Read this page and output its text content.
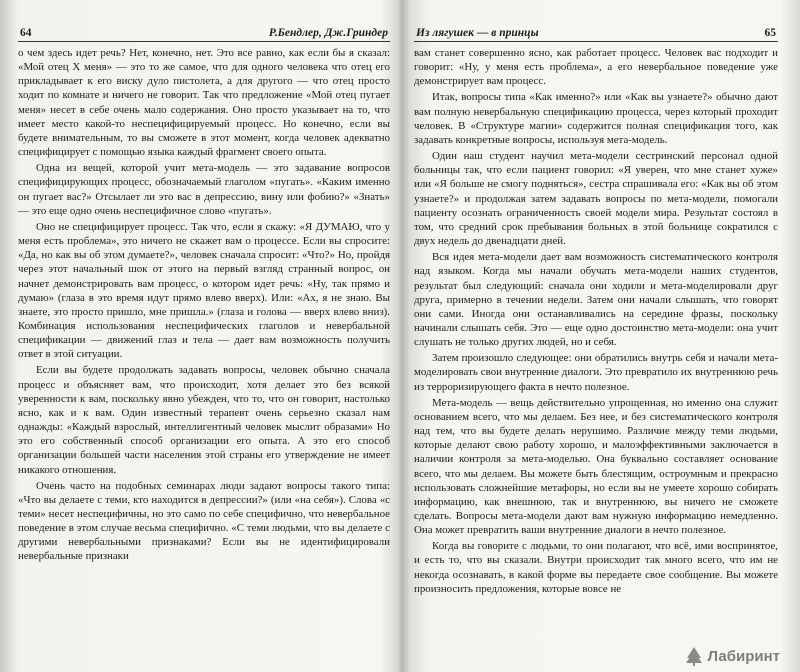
64	Р.Бендлер, Дж.Гриндер

о чем здесь идет речь? Нет, конечно, нет. Это все равно, как если бы я сказал: «Мой отец X меня» — это то же самое, что для одного человека что отец его прикладывает к его виску дуло пистолета, а для другого — что отец просто ходит по комнате и ничего не говорит. Так что предложение «Мой отец пугает меня» несет в себе очень мало содержания. Оно просто указывает на то, что имеет место какой-то неспецифицируемый процесс. Но конечно, если вы будете внимательным, то вы сможете в этот момент, когда человек адекватно специфицирует с помощью языка каждый фрагмент своего опыта.

Одна из вещей, которой учит мета-модель — это задавание вопросов специфицирующих процесс, обозначаемый глаголом «пугать». «Каким именно он пугает вас?» Отсылает ли это вас в депрессию, вину или фобию?» «Знать» — это еще одно очень неспецифичное слово «пугать».

Оно не специфицирует процесс. Так что, если я скажу: «Я ДУМАЮ, что у меня есть проблема», это ничего не скажет вам о процессе. Если вы спросите: «Да, но как вы об этом думаете?», человек сначала спросит: «Что?» Но, пройдя через этот начальный шок от этого на первый взгляд странный вопрос, он начнет демонстрировать вам процесс, о котором идет речь: «Ну, так прямо и думаю» (глаза в это время идут прямо влево вверх). Или: «Ах, я не знаю. Вы знаете, это просто пришло, мне пришла.» (глаза и голова — вверх влево вниз). Комбинация использования неспецифических глаголов и невербальной спецификации — движений глаз и тела — дает вам возможность получить ответ в этой ситуации.

Если вы будете продолжать задавать вопросы, человек обычно сначала процесс и объясняет вам, что происходит, хотя делает это без всякой уверенности к вам, поскольку явно убежден, что то, что он говорит, настолько ясно, как и к вам. Один известный терапевт очень серьезно сказал нам однажды: «Каждый взрослый, интеллигентный человек мыслит образами» Но это его собственный способ организации его опыта. А это его способ организации большей части населения этой страны его утверждение не имеет никакого отношения.

Очень часто на подобных семинарах люди задают вопросы такого типа: «Что вы делаете с теми, кто находится в депрессии?» (или «на себя»). Слова «с теми» несет неспецифичны, но это само по себе специфично, что невербальное поведение в этом случае весьма специфично. «С теми людьми, что вы делаете с другими невербальными признаками? Если вы не идентифицировали невербальные признаки

Из лягушек — в принцы	65

вам станет совершенно ясно, как работает процесс. Человек вас подходит и говорит: «Ну, у меня есть проблема», а его невербальное поведение уже демонстрирует вам процесс.

Итак, вопросы типа «Как именно?» или «Как вы узнаете?» обычно дают вам полную невербальную спецификацию процесса, через который проходит человек. В «Структуре магии» содержится полная спецификация того, как задавать конкретные вопросы, используя мета-модель.

Один наш студент научил мета-модели сестринский персонал одной больницы так, что если пациент говорил: «Я уверен, что мне станет хуже» или «Я больше не смогу подняться», сестра спрашивала его: «Как вы об этом узнаете?» и продолжая затем задавать вопросы по мета-модели, помогали пациенту осознать ограниченность своей модели мира. Результат состоял в том, что средний срок пребывания больных в этой больнице сократился с двух недель до двенадцати дней.

Вся идея мета-модели дает вам возможность систематического контроля над языком. Когда мы начали обучать мета-модели наших студентов, результат был следующий: сначала они ходили и мета-моделировали друг друга, примерно в течении недели. Затем они начали слышать, что говорят они сами. Иногда они останавливались на середине фразы, поскольку начинали слышать себя. Это — еще одно достоинство мета-модели: она учит слушать не только других людей, но и себя.

Затем произошло следующее: они обратились внутрь себя и начали мета-моделировать свои внутренние диалоги. Это превратило их внутреннюю речь из терроризирующего факта в нечто полезное.

Мета-модель — вещь действительно упрощенная, но именно она служит основанием всего, что мы делаем. Без нее, и без систематического контроля над тем, что вы будете делать нерушимо. Различие между теми людьми, которые делают свою работу хорошо, и малоэффективными заключается в наличии контроля за мета-моделью. Она буквально составляет основание всего, что мы делаем. Вы можете быть блестящим, остроумным и прекрасно использовать сложнейшие метафоры, но если вы не умеете хорошо собирать информацию, как внешнюю, так и внутреннюю, вы ничего не сможете сделать. Вопросы мета-модели дают вам нужную информацию немедленно. Она может превратить ваши внутренние диалоги в нечто полезное.

Когда вы говорите с людьми, то они полагают, что всё, ими воспринятое, и есть то, что вы сказали. Внутри происходит так много всего, что им не некогда осознавать, в какой форме вы передаете свое сообщение. Вы можете произносить предложения, которые вовсе не

Лабиринт
